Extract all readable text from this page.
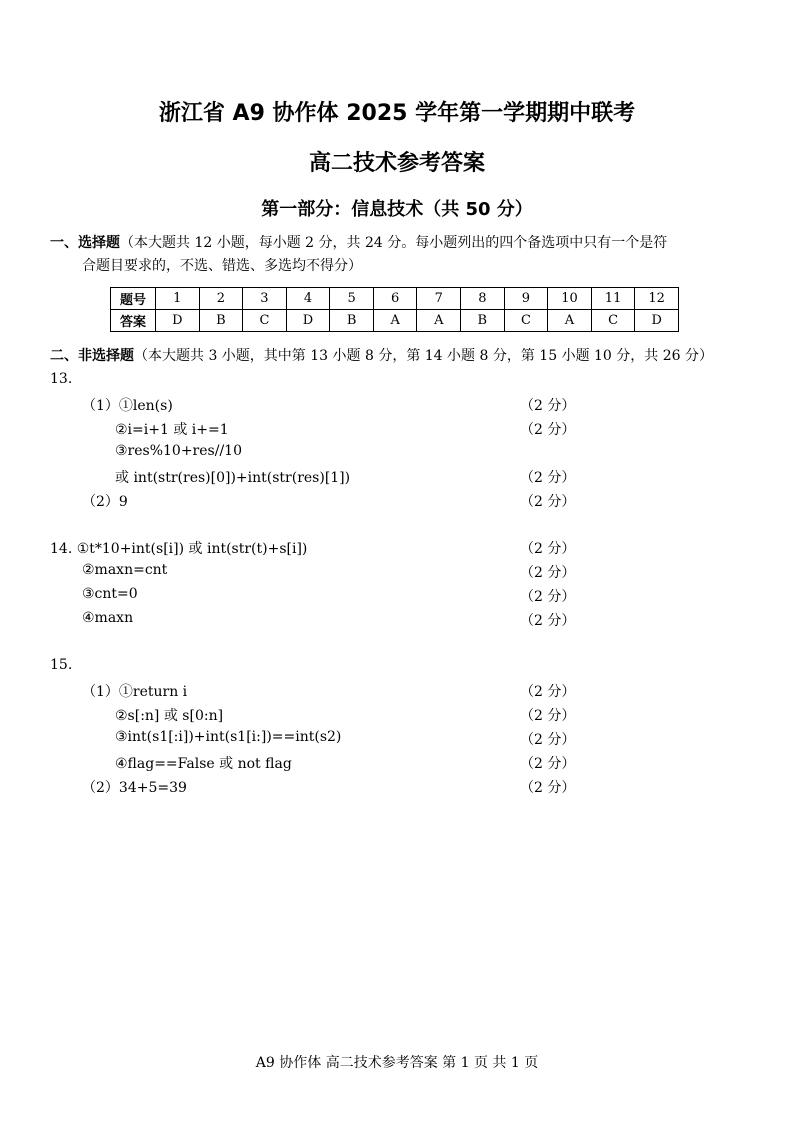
浙江省 A9 协作体 2025 学年第一学期期中联考
高二技术参考答案
第一部分：信息技术（共 50 分）
一、选择题（本大题共 12 小题，每小题 2 分，共 24 分。每小题列出的四个备选项中只有一个是符
合题目要求的，不选、错选、多选均不得分）
题号	1	2	3	4	5	6	7	8	9	10	11	12
答案	D	B	C	D	B	A	A	B	C	A	C	D
二、非选择题（本大题共 3 小题，其中第 13 小题 8 分，第 14 小题 8 分，第 15 小题 10 分，共 26 分）
13.
（1）①len(s)	（2 分）
②i=i+1 或 i+=1	（2 分）
③res%10+res//10
或 int(str(res)[0])+int(str(res)[1])	（2 分）
（2）9	（2 分）
14. ①t*10+int(s[i]) 或 int(str(t)+s[i])	（2 分）
②maxn=cnt	（2 分）
③cnt=0	（2 分）
④maxn	（2 分）
15.
（1）①return i	（2 分）
②s[:n] 或 s[0:n]	（2 分）
③int(s1[:i])+int(s1[i:])==int(s2)	（2 分）
④flag==False 或 not flag	（2 分）
（2）34+5=39	（2 分）
A9 协作体 高二技术参考答案 第 1 页 共 1 页
